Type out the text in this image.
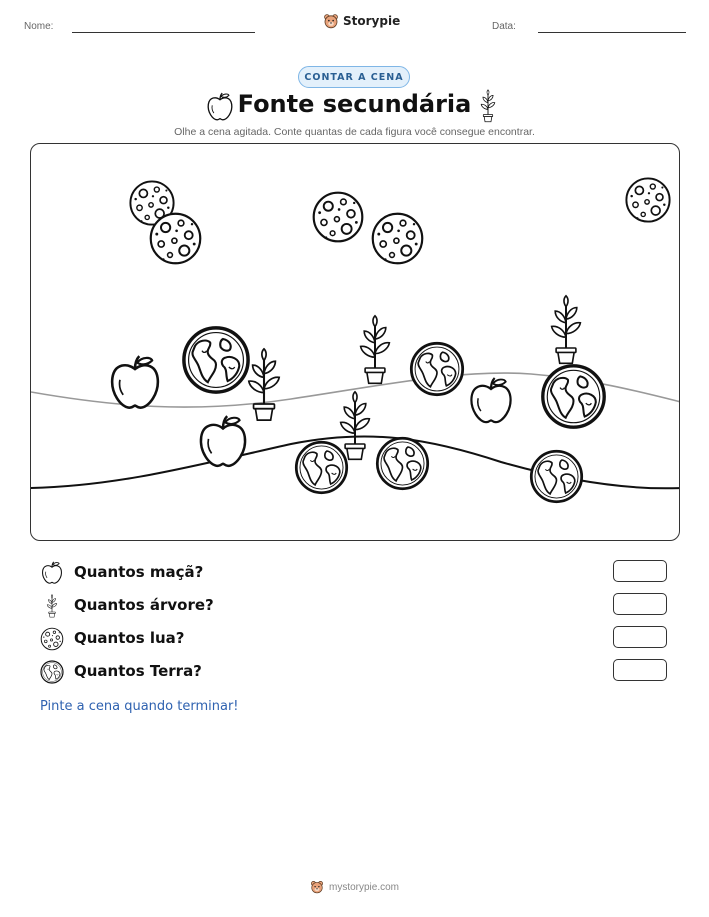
Nome:	Storypie	Data:
CONTAR A CENA
Fonte secundária
Olhe a cena agitada. Conte quantas de cada figura você consegue encontrar.
Quantos maçã?
Quantos árvore?
Quantos lua?
Quantos Terra?
Pinte a cena quando terminar!
mystorypie.com
